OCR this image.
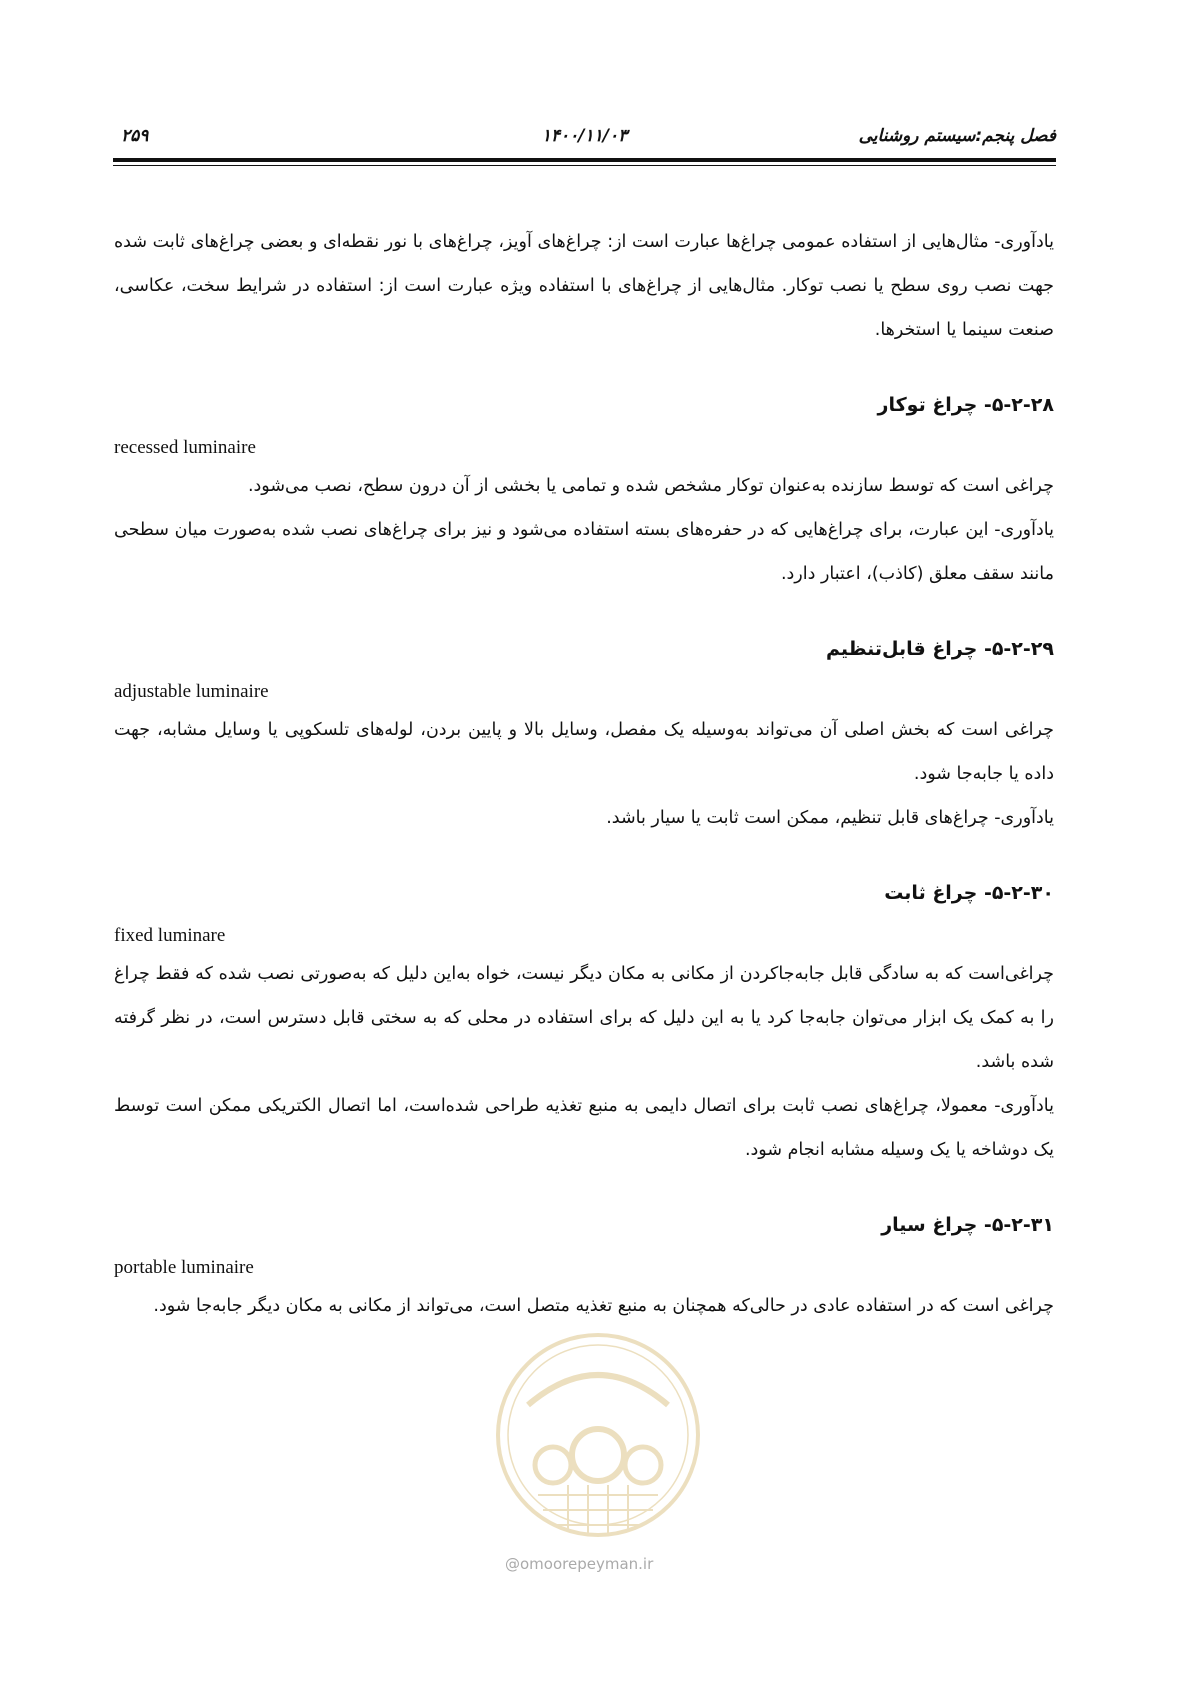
فصل پنجم:سیستم روشنایی
۱۴۰۰/۱۱/۰۳
۲۵۹

یادآوری- مثال‌هایی از استفاده عمومی چراغ‌ها عبارت است از: چراغ‌های آویز، چراغ‌های با نور نقطه‌ای و بعضی چراغ‌های ثابت شده جهت نصب روی سطح یا نصب توکار. مثال‌هایی از چراغ‌های با استفاده ویژه عبارت است از: استفاده در شرایط سخت، عکاسی، صنعت سینما یا استخرها.

۵-۲-۲۸- چراغ توکار
recessed luminaire

چراغی است که توسط سازنده به‌عنوان توکار مشخص شده و تمامی یا بخشی از آن درون سطح، نصب می‌شود.

یادآوری- این عبارت، برای چراغ‌هایی که در حفره‌های بسته استفاده می‌شود و نیز برای چراغ‌های نصب شده به‌صورت میان سطحی مانند سقف معلق (کاذب)، اعتبار دارد.

۵-۲-۲۹- چراغ قابل‌تنظیم
adjustable luminaire

چراغی است که بخش اصلی آن می‌تواند به‌وسیله یک مفصل، وسایل بالا و پایین بردن، لوله‌های تلسکوپی یا وسایل مشابه، جهت داده یا جابه‌جا شود.

یادآوری- چراغ‌های قابل تنظیم، ممکن است ثابت یا سیار باشد.

۵-۲-۳۰- چراغ ثابت
fixed luminare

چراغی‌است که به سادگی قابل جابه‌جاکردن از مکانی به مکان دیگر نیست، خواه به‌این دلیل که به‌صورتی نصب شده که فقط چراغ را به کمک یک ابزار می‌توان جابه‌جا کرد یا به این دلیل که برای استفاده در محلی که به سختی قابل دسترس است، در نظر گرفته شده باشد.

یادآوری- معمولا، چراغ‌های نصب ثابت برای اتصال دایمی به منبع تغذیه طراحی شده‌است، اما اتصال الکتریکی ممکن است توسط یک دوشاخه یا یک وسیله مشابه انجام شود.

۵-۲-۳۱- چراغ سیار
portable luminaire

چراغی است که در استفاده عادی در حالی‌که همچنان به منبع تغذیه متصل است، می‌تواند از مکانی به مکان دیگر جابه‌جا شود.

@omoorepeyman.ir
